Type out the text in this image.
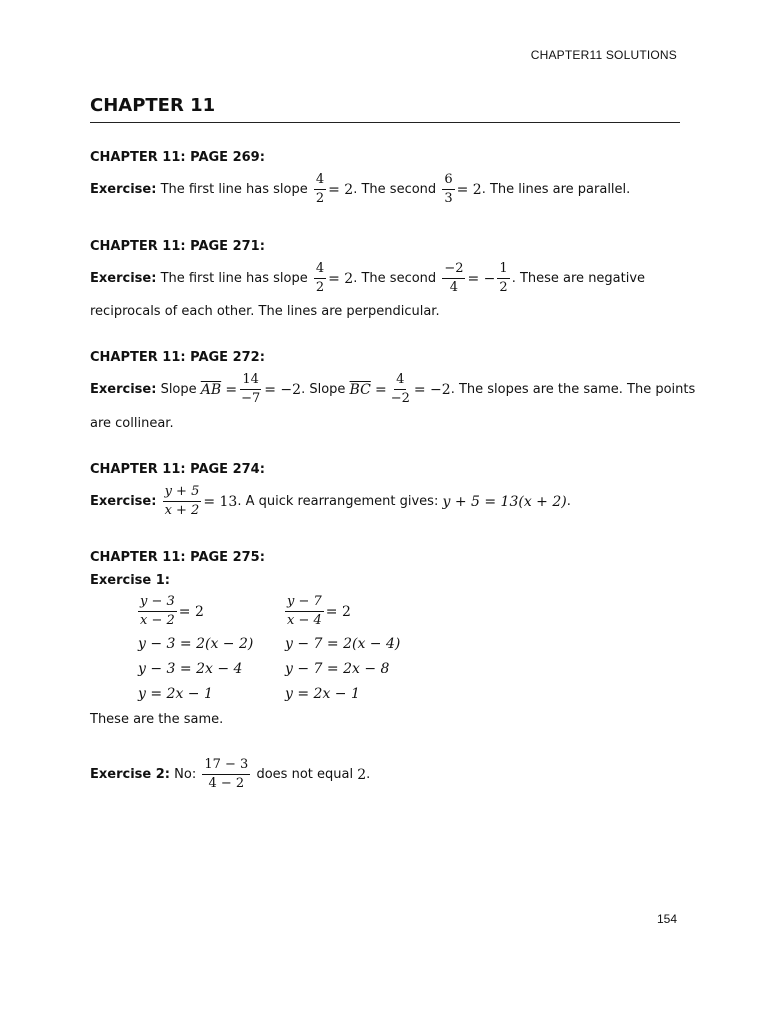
CHAPTER11 SOLUTIONS
CHAPTER 11
CHAPTER 11: PAGE 269:
Exercise :
The first line has slope
$\frac{4}{2} = 2$ . The second
$\frac{6}{3} = 2$ . The lines are parallel.
CHAPTER 11: PAGE 271:
Exercise :
The first line has slope
$\frac{4}{2} = 2$ . The second
$\frac{-2}{4}$ = − $\frac{1}{2}$ . These are negative
reciprocals of each other. The lines are perpendicular.
CHAPTER 11: PAGE 272:
Exercise :
Slope
$\overline{AB}$
= $\frac{14}{-7} = -2$ . Slope
$\overline{BC}$
= $\frac{4}{-2} = -2$ . The slopes are the same. The points
are collinear.
CHAPTER 11: PAGE 274:
Exercise :
$\frac{y + 5}{x + 2} = 13$ . A quick rearrangement gives:
y + 5 = 13(x + 2) .
CHAPTER 11: PAGE 275:
Exercise 1:
$\frac{y - 3}{x - 2} = 2$
y − 3 = 2(x − 2)
y − 3 = 2x − 4
y = 2x − 1
$\frac{y - 7}{x - 4} = 2$
y − 7 = 2(x − 4)
y − 7 = 2x − 8
y = 2x − 1
These are the same.
Exercise 2 :
No:
$\frac{17 - 3}{4 - 2}$
does not equal
2 .
154
